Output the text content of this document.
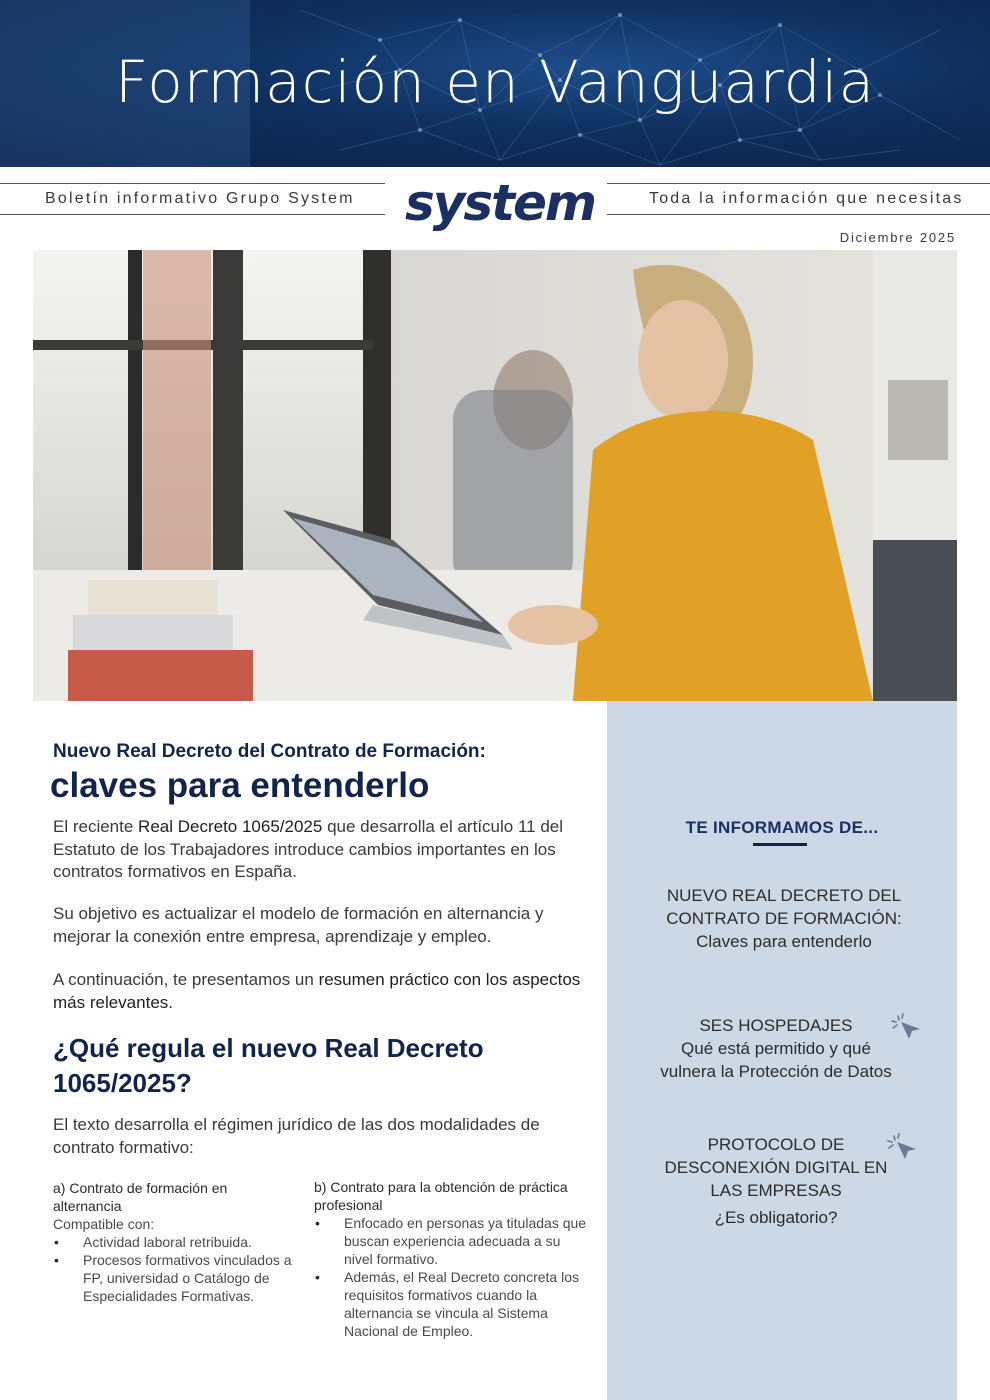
Formación en Vanguardia
Boletín informativo Grupo System system	Toda la información que necesitas
Diciembre 2025
Nuevo Real Decreto del Contrato de Formación:
claves para entenderlo
El reciente Real Decreto 1065/2025 que desarrolla el artículo 11 del Estatuto de los Trabajadores introduce cambios importantes en los contratos formativos en España.
Su objetivo es actualizar el modelo de formación en alternancia y mejorar la conexión entre empresa, aprendizaje y empleo.
A continuación, te presentamos un resumen práctico con los aspectos más relevantes.
¿Qué regula el nuevo Real Decreto 1065/2025?
El texto desarrolla el régimen jurídico de las dos modalidades de contrato formativo:
a) Contrato de formación en alternancia
Compatible con:
• Actividad laboral retribuida.
• Procesos formativos vinculados a FP, universidad o Catálogo de Especialidades Formativas.
b) Contrato para la obtención de práctica profesional
• Enfocado en personas ya tituladas que buscan experiencia adecuada a su nivel formativo.
• Además, el Real Decreto concreta los requisitos formativos cuando la alternancia se vincula al Sistema Nacional de Empleo.
TE INFORMAMOS DE...
NUEVO REAL DECRETO DEL
CONTRATO DE FORMACIÓN:
Claves para entenderlo
SES HOSPEDAJES
Qué está permitido y qué
vulnera la Protección de Datos
PROTOCOLO DE
DESCONEXIÓN DIGITAL EN
LAS EMPRESAS
¿Es obligatorio?
